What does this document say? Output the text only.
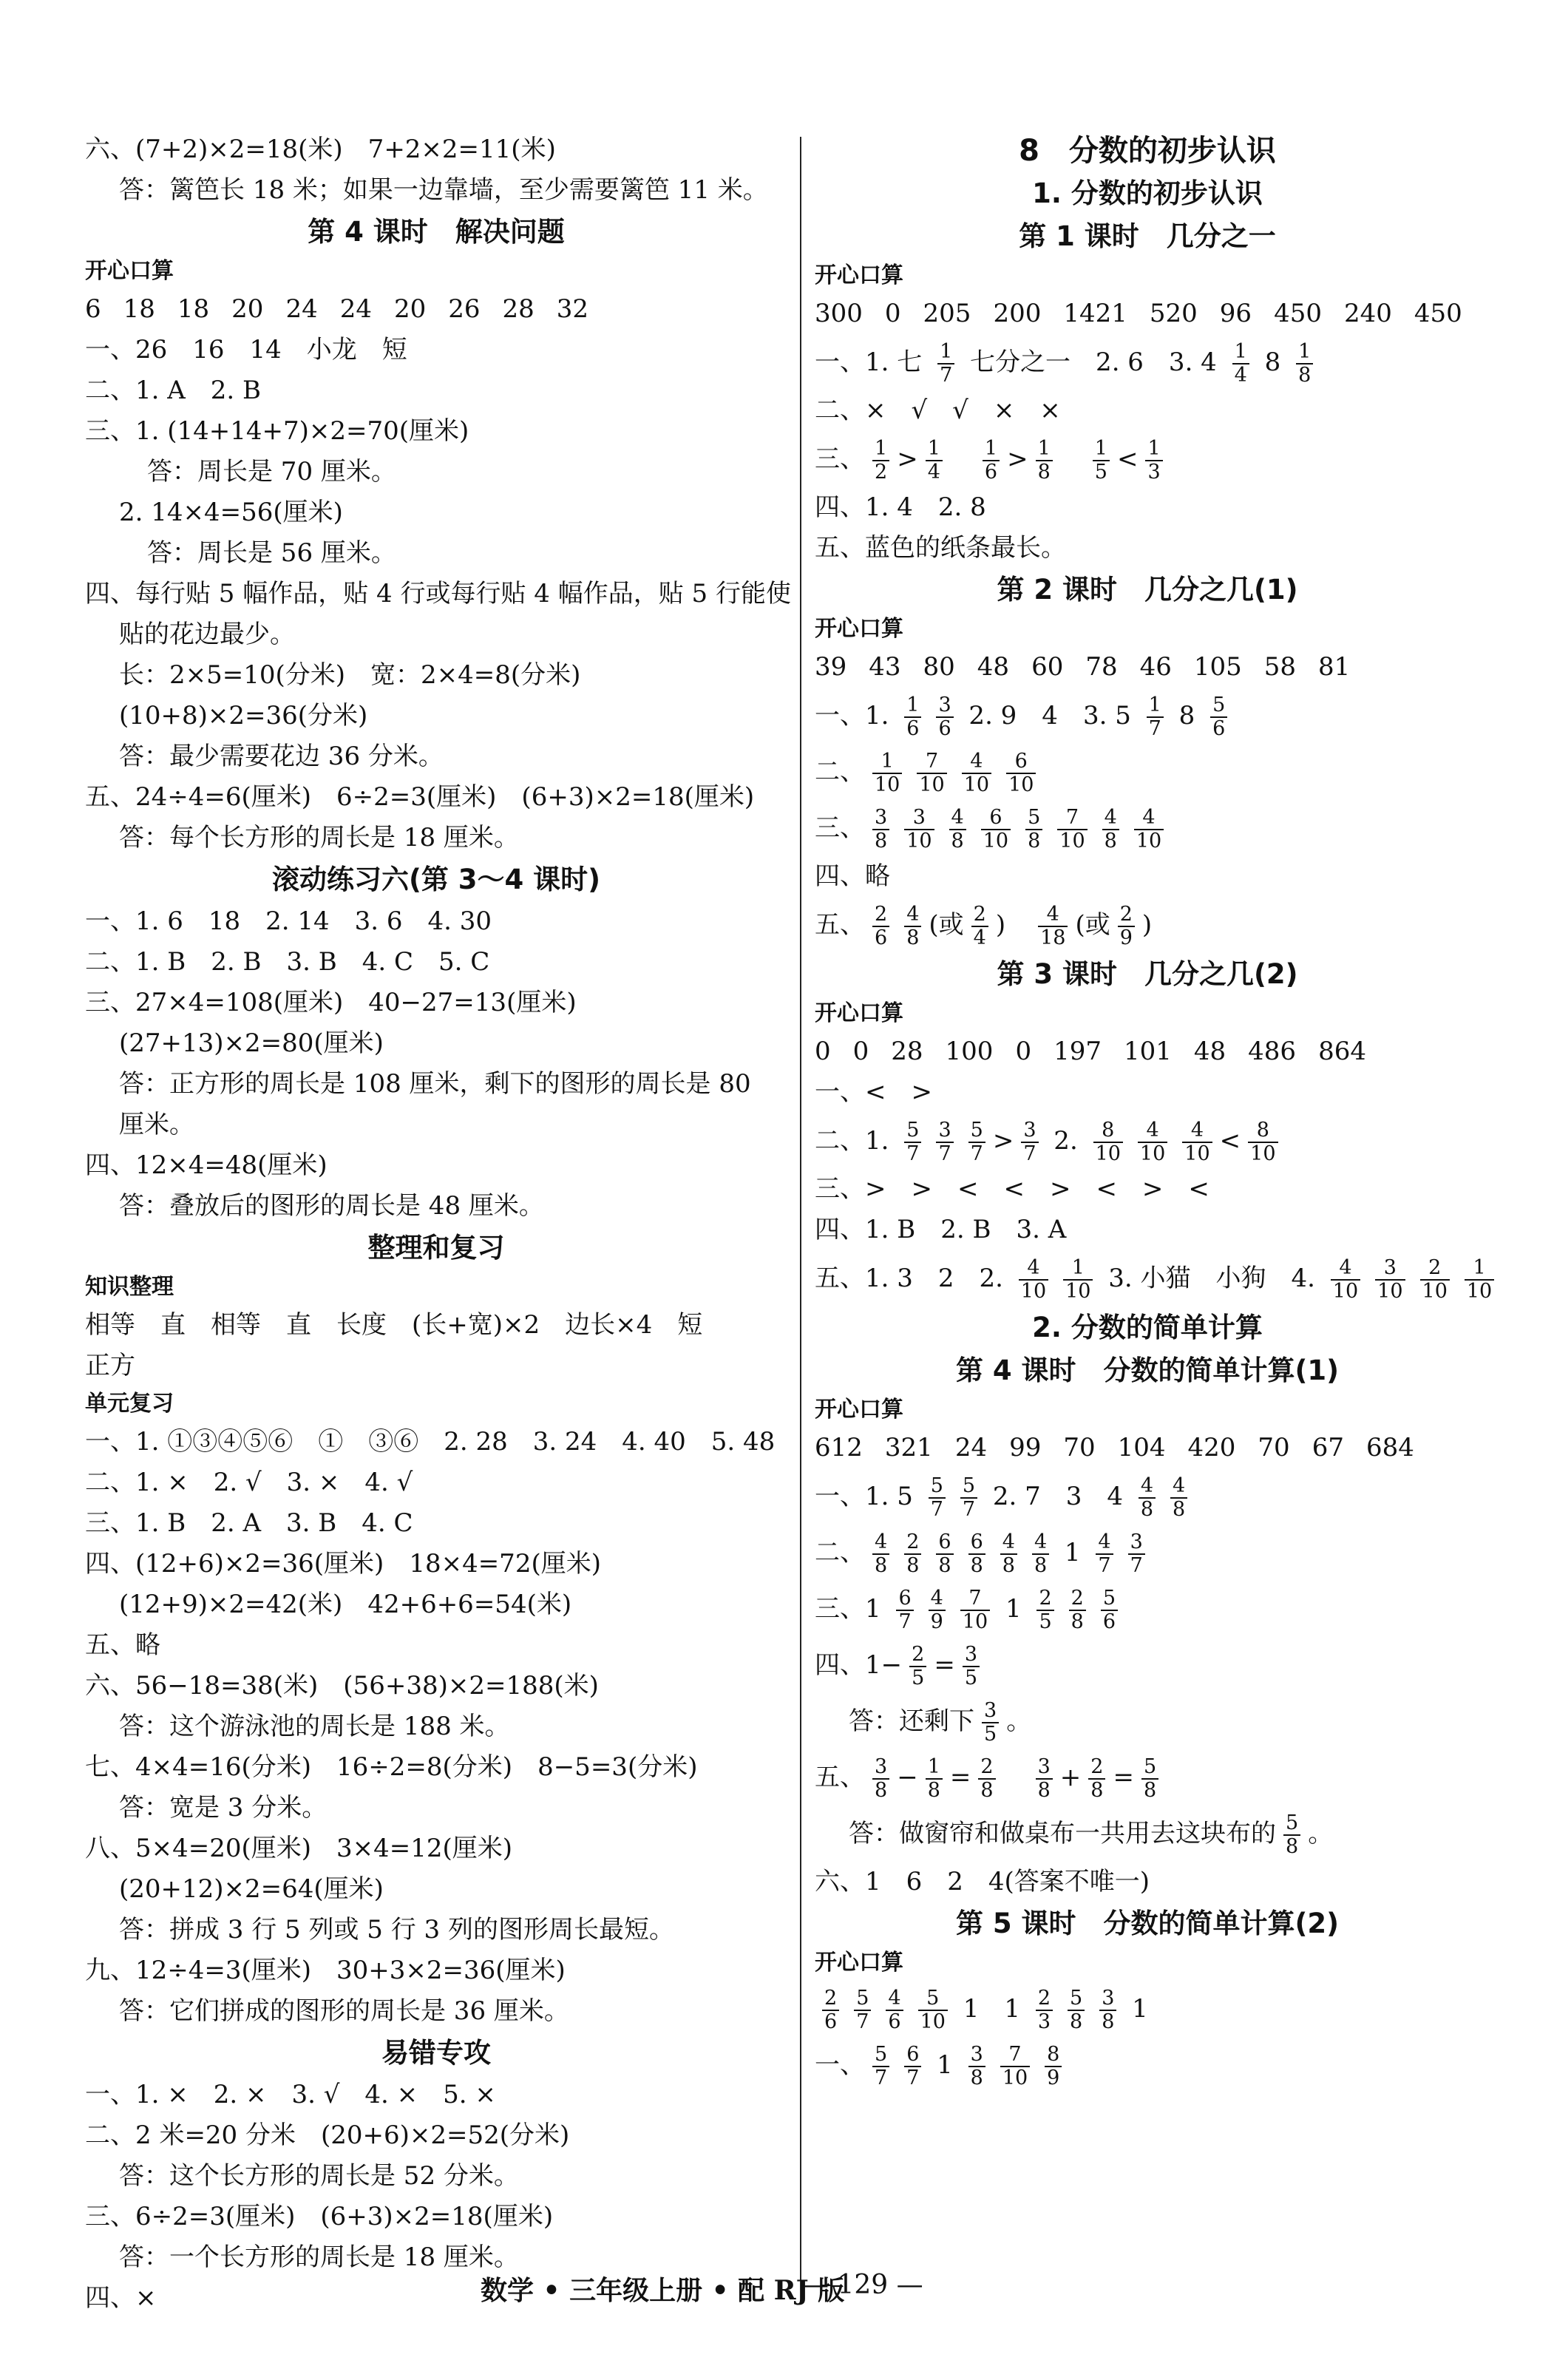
六、(7+2)×2=18(米)　7+2×2=11(米)
答：篱笆长 18 米；如果一边靠墙，至少需要篱笆 11 米。
第 4 课时　解决问题
开心口算
6 18 18 20 24 24 20 26 28 32
一、26　16　14　小龙　短
二、1. A　2. B
三、1. (14+14+7)×2=70(厘米)
答：周长是 70 厘米。
2. 14×4=56(厘米)
答：周长是 56 厘米。
四、每行贴 5 幅作品，贴 4 行或每行贴 4 幅作品，贴 5 行能使
贴的花边最少。
长：2×5=10(分米)　宽：2×4=8(分米)
(10+8)×2=36(分米)
答：最少需要花边 36 分米。
五、24÷4=6(厘米)　6÷2=3(厘米)　(6+3)×2=18(厘米)
答：每个长方形的周长是 18 厘米。
滚动练习六(第 3～4 课时)
一、1. 6　18　2. 14　3. 6　4. 30
二、1. B　2. B　3. B　4. C　5. C
三、27×4=108(厘米)　40−27=13(厘米)
(27+13)×2=80(厘米)
答：正方形的周长是 108 厘米，剩下的图形的周长是 80
厘米。
四、12×4=48(厘米)
答：叠放后的图形的周长是 48 厘米。
整理和复习
知识整理
相等　直　相等　直　长度　(长+宽)×2　边长×4　短
正方
单元复习
一、1. ①③④⑤⑥　①　③⑥　2. 28　3. 24　4. 40　5. 48
二、1. ×　2. √　3. ×　4. √
三、1. B　2. A　3. B　4. C
四、(12+6)×2=36(厘米)　18×4=72(厘米)
(12+9)×2=42(米)　42+6+6=54(米)
五、略
六、56−18=38(米)　(56+38)×2=188(米)
答：这个游泳池的周长是 188 米。
七、4×4=16(分米)　16÷2=8(分米)　8−5=3(分米)
答：宽是 3 分米。
八、5×4=20(厘米)　3×4=12(厘米)
(20+12)×2=64(厘米)
答：拼成 3 行 5 列或 5 行 3 列的图形周长最短。
九、12÷4=3(厘米)　30+3×2=36(厘米)
答：它们拼成的图形的周长是 36 厘米。
易错专攻
一、1. ×　2. ×　3. √　4. ×　5. ×
二、2 米=20 分米　(20+6)×2=52(分米)
答：这个长方形的周长是 52 分米。
三、6÷2=3(厘米)　(6+3)×2=18(厘米)
答：一个长方形的周长是 18 厘米。
四、×
8　分数的初步认识
1. 分数的初步认识
第 1 课时　几分之一
开心口算
300 0 205 200 1421 520 96 450 240 450
一、1. 七 $\frac{1}{7}$ 七分之一　2. 6　3. $4 \frac{1}{4} 8 \frac{1}{8}$
二、×　√　√　×　×
三、 $\frac{1}{2} > \frac{1}{4}$
　 $\frac{1}{6} > \frac{1}{8}$
　 $\frac{1}{5} < \frac{1}{3}$
四、1. 4　2. 8
五、蓝色的纸条最长。
第 2 课时　几分之几(1)
开心口算
39 43 80 48 60 78 46 105 58 81
一、1. $\frac{1}{6} \frac{3}{6} 2$. 9　4　3. $5 \frac{1}{7} 8 \frac{5}{6}$
二、 $\frac{1}{10} \frac{7}{10} \frac{4}{10} \frac{6}{10}$
三、 $\frac{3}{8} \frac{3}{10} \frac{4}{8} \frac{6}{10} \frac{5}{8} \frac{7}{10} \frac{4}{8} \frac{4}{10}$
四、略
五、 $\frac{2}{6} \frac{4}{8}$ (或 $\frac{2}{4}$ )　 $\frac{4}{18}$ (或 $\frac{2}{9}$ )
第 3 课时　几分之几(2)
开心口算
0 0 28 100 0 197 101 48 486 864
一、<　>
二、1. $\frac{5}{7} \frac{3}{7} \frac{5}{7} > \frac{3}{7} 2$. $\frac{8}{10} \frac{4}{10} \frac{4}{10} < \frac{8}{10}$
三、>　>　<　<　>　<　>　<
四、1. B　2. B　3. A
五、1. 3　2　2. $\frac{4}{10} \frac{1}{10} 3$. 小猫　小狗　4. $\frac{4}{10} \frac{3}{10} \frac{2}{10} \frac{1}{10}$
2. 分数的简单计算
第 4 课时　分数的简单计算(1)
开心口算
612 321 24 99 70 104 420 70 67 684
一、1. $5 \frac{5}{7} \frac{5}{7} 2$. 7　3　$4 \frac{4}{8} \frac{4}{8}$
二、 $\frac{4}{8} \frac{2}{8} \frac{6}{8} \frac{6}{8} \frac{4}{8} \frac{4}{8} 1 \frac{4}{7} \frac{3}{7}$
三、$1 \frac{6}{7} \frac{4}{9} \frac{7}{10} 1 \frac{2}{5} \frac{2}{8} \frac{5}{6}$
四、$1- \frac{2}{5} = \frac{3}{5}$
答：还剩下 $\frac{3}{5}$ 。
五、 $\frac{3}{8} - \frac{1}{8} = \frac{2}{8}$
　 $\frac{3}{8} + \frac{2}{8} = \frac{5}{8}$
答：做窗帘和做桌布一共用去这块布的 $\frac{5}{8}$ 。
六、1　6　2　4(答案不唯一)
第 5 课时　分数的简单计算(2)
开心口算
$\frac{2}{6} \frac{5}{7} \frac{4}{6} \frac{5}{10} 1$　$1 \frac{2}{3} \frac{5}{8} \frac{3}{8} 1$
一、 $\frac{5}{7} \frac{6}{7} 1 \frac{3}{8} \frac{7}{10} \frac{8}{9}$
数学 • 三年级上册 • 配 RJ 版
— 129 —
